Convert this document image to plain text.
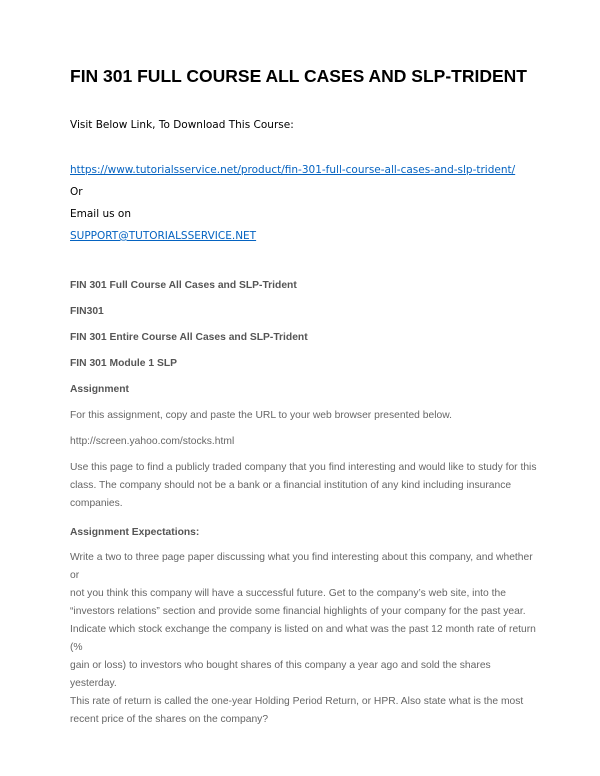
FIN 301 FULL COURSE ALL CASES AND SLP-TRIDENT

Visit Below Link, To Download This Course:

https://www.tutorialsservice.net/product/fin-301-full-course-all-cases-and-slp-trident/

Or

Email us on

SUPPORT@TUTORIALSSERVICE.NET

FIN 301 Full Course All Cases and SLP-Trident

FIN301

FIN 301 Entire Course All Cases and SLP-Trident

FIN 301 Module 1 SLP

Assignment

For this assignment, copy and paste the URL to your web browser presented below.

http://screen.yahoo.com/stocks.html

Use this page to find a publicly traded company that you find interesting and would like to study for this
class. The company should not be a bank or a financial institution of any kind including insurance
companies.

Assignment Expectations:

Write a two to three page paper discussing what you find interesting about this company, and whether or
not you think this company will have a successful future. Get to the company’s web site, into the
“investors relations” section and provide some financial highlights of your company for the past year.
Indicate which stock exchange the company is listed on and what was the past 12 month rate of return (%
gain or loss) to investors who bought shares of this company a year ago and sold the shares yesterday.
This rate of return is called the one-year Holding Period Return, or HPR. Also state what is the most
recent price of the shares on the company?
